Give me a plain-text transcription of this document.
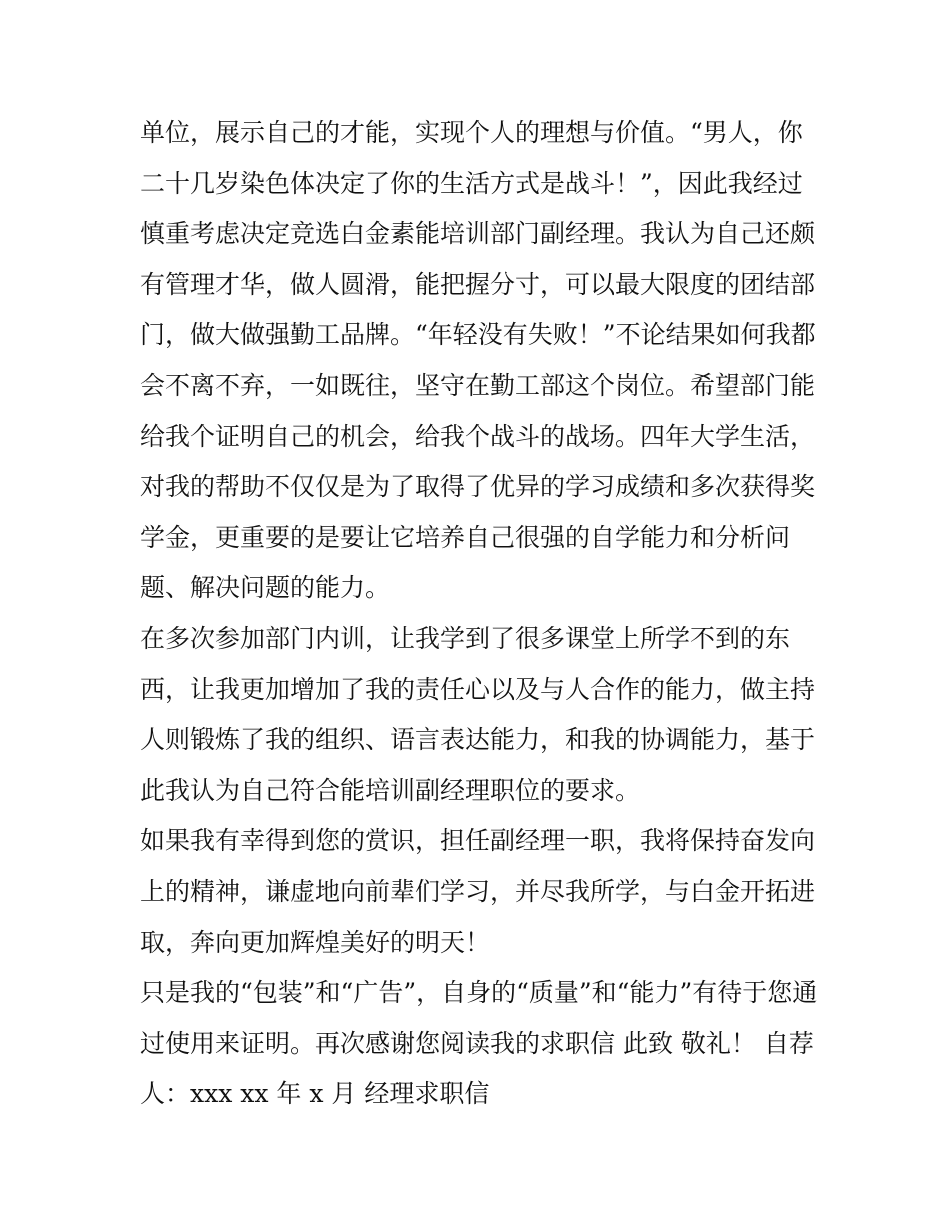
单位，展示自己的才能，实现个人的理想与价值。“男人，你
二十几岁染色体决定了你的生活方式是战斗！”，因此我经过
慎重考虑决定竞选白金素能培训部门副经理。我认为自己还颇
有管理才华，做人圆滑，能把握分寸，可以最大限度的团结部
门，做大做强勤工品牌。“年轻没有失败！”不论结果如何我都
会不离不弃，一如既往，坚守在勤工部这个岗位。希望部门能
给我个证明自己的机会，给我个战斗的战场。四年大学生活，
对我的帮助不仅仅是为了取得了优异的学习成绩和多次获得奖
学金，更重要的是要让它培养自己很强的自学能力和分析问
题、解决问题的能力。

在多次参加部门内训，让我学到了很多课堂上所学不到的东
西，让我更加增加了我的责任心以及与人合作的能力，做主持
人则锻炼了我的组织、语言表达能力，和我的协调能力，基于
此我认为自己符合能培训副经理职位的要求。

如果我有幸得到您的赏识，担任副经理一职，我将保持奋发向
上的精神，谦虚地向前辈们学习，并尽我所学，与白金开拓进
取，奔向更加辉煌美好的明天！

只是我的“包装”和“广告”，自身的“质量”和“能力”有待于您通
过使用来证明。再次感谢您阅读我的求职信 此致 敬礼！ 自荐
人：xxx xx 年 x 月 经理求职信
